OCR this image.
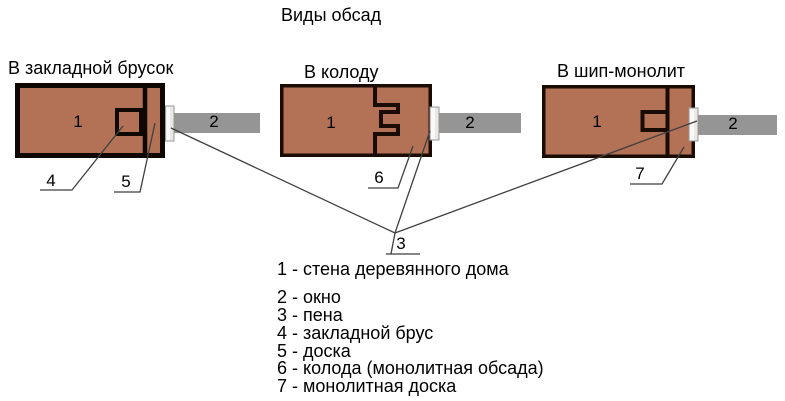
Виды обсад
В закладной брусок	В колоду	В шип-монолит
1	1	1
2	2	2
4	5	6	7
3
1 - стена деревянного дома
2 - окно
3 - пена
4 - закладной брус
5 - доска
6 - колода (монолитная обсада)
7 - монолитная доска
